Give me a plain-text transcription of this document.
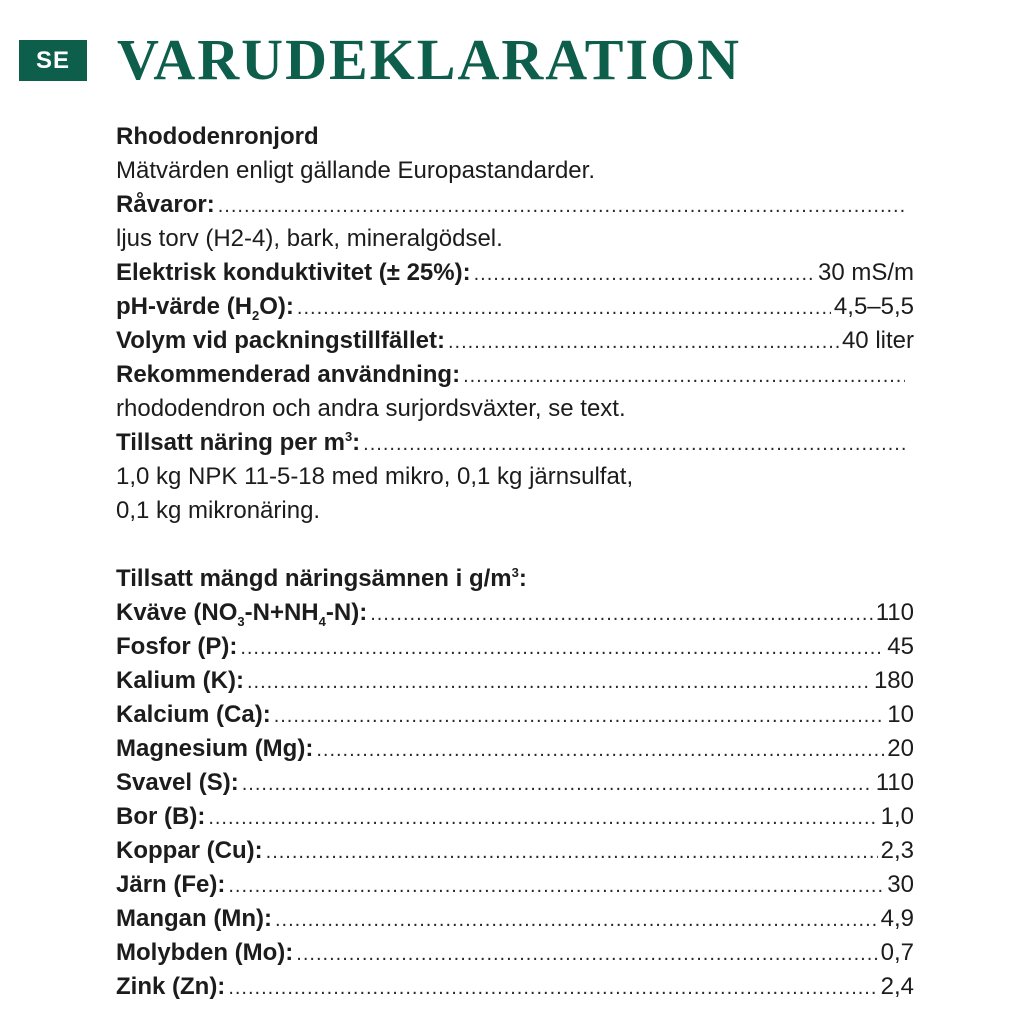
SE VARUDEKLARATION
Rhododenronjord
Mätvärden enligt gällande Europastandarder.
Råvaror:
.....
ljus torv (H2-4), bark, mineralgödsel.
Elektrisk konduktivitet (± 25%): .....	30 mS/m
pH-värde $(H_2O)$: .....	4,5–5,5
Volym vid packningstillfället: .....	40 liter
Rekommenderad användning:
.....
rhododendron och andra surjordsväxter, se text.
Tillsatt näring per $m^3$:
.....
1,0 kg NPK 11-5-18 med mikro, 0,1 kg järnsulfat,
0,1 kg mikronäring.
Tillsatt mängd näringsämnen i $g/m^3$:
Kväve $(NO_3-N+NH_4-N)$: .....	110
Fosfor (P): .....	45
Kalium (K): .....	180
Kalcium (Ca): .....	10
Magnesium (Mg): .....	20
Svavel (S): .....	110
Bor (B): .....	1,0
Koppar (Cu): .....	2,3
Järn (Fe): .....	30
Mangan (Mn): .....	4,9
Molybden (Mo): .....	0,7
Zink (Zn): .....	2,4
